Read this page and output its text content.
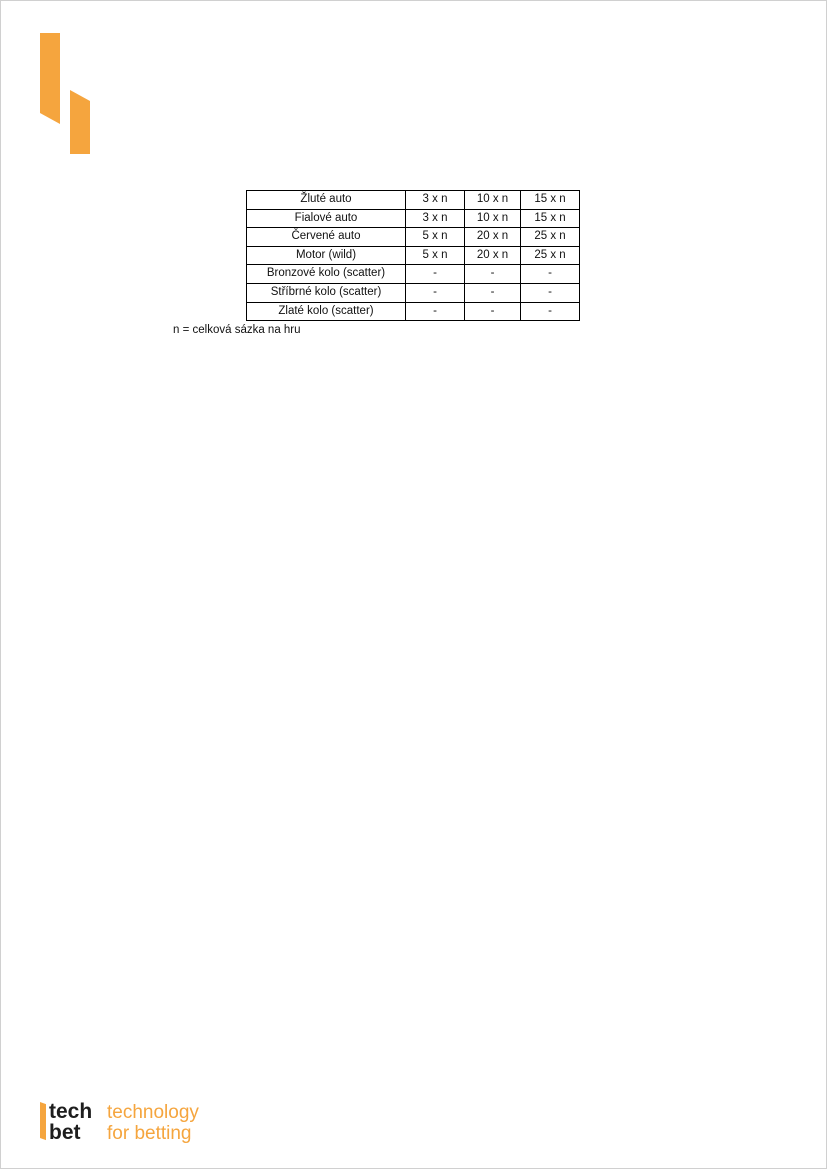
Žluté auto	3 x n	10 x n	15 x n
Fialové auto	3 x n	10 x n	15 x n
Červené auto	5 x n	20 x n	25 x n
Motor (wild)	5 x n	20 x n	25 x n
Bronzové kolo (scatter)	-	-	-
Stříbrné kolo (scatter)	-	-	-
Zlaté kolo (scatter)	-	-	-
n = celková sázka na hru
tech
bet
technology
for betting
